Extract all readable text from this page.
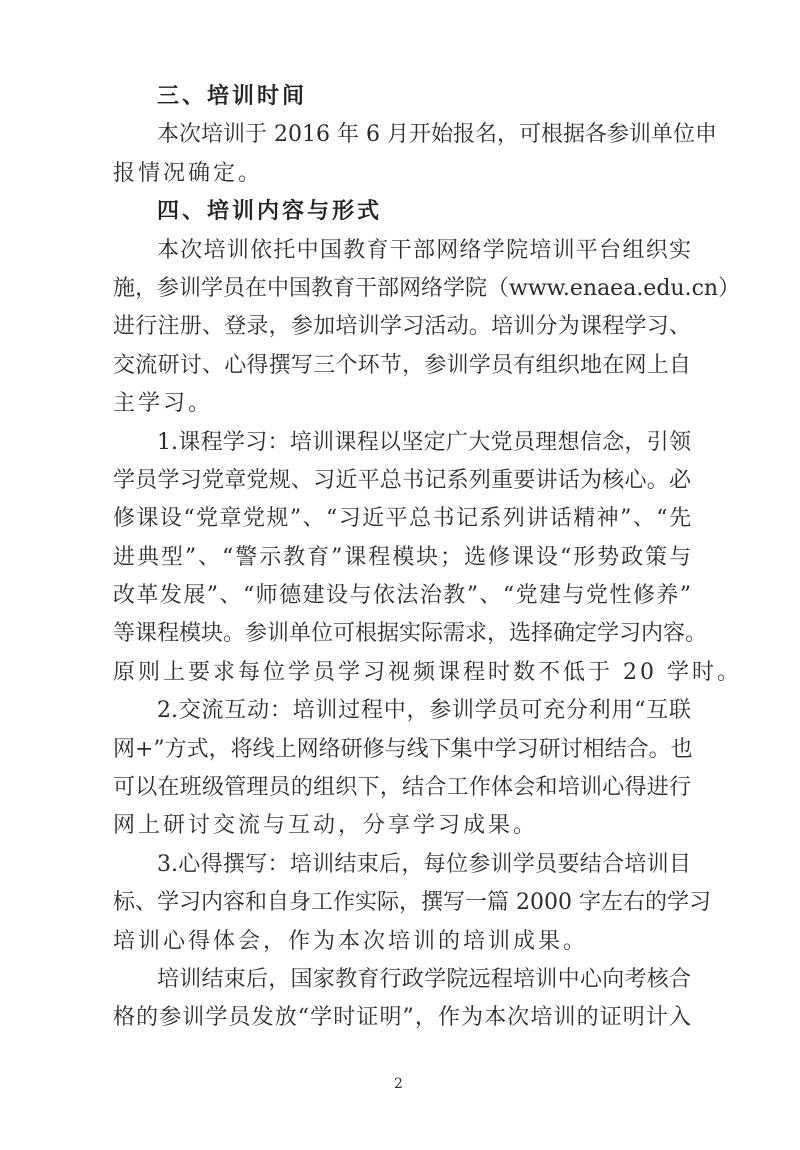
三、培训时间
本次培训于 2016 年 6 月开始报名，可根据各参训单位申
报情况确定。
四、培训内容与形式
本次培训依托中国教育干部网络学院培训平台组织实
施，参训学员在中国教育干部网络学院（www.enaea.edu.cn）
进行注册、登录，参加培训学习活动。培训分为课程学习、
交流研讨、心得撰写三个环节，参训学员有组织地在网上自
主学习。
1.课程学习：培训课程以坚定广大党员理想信念，引领
学员学习党章党规、习近平总书记系列重要讲话为核心。必
修课设“党章党规”、“习近平总书记系列讲话精神”、“先
进典型”、“警示教育”课程模块；选修课设“形势政策与
改革发展”、“师德建设与依法治教”、“党建与党性修养”
等课程模块。参训单位可根据实际需求，选择确定学习内容。
原则上要求每位学员学习视频课程时数不低于 20 学时。
2.交流互动：培训过程中，参训学员可充分利用“互联
网+”方式，将线上网络研修与线下集中学习研讨相结合。也
可以在班级管理员的组织下，结合工作体会和培训心得进行
网上研讨交流与互动，分享学习成果。
3.心得撰写：培训结束后，每位参训学员要结合培训目
标、学习内容和自身工作实际，撰写一篇 2000 字左右的学习
培训心得体会，作为本次培训的培训成果。
培训结束后，国家教育行政学院远程培训中心向考核合
格的参训学员发放“学时证明”，作为本次培训的证明计入
2
